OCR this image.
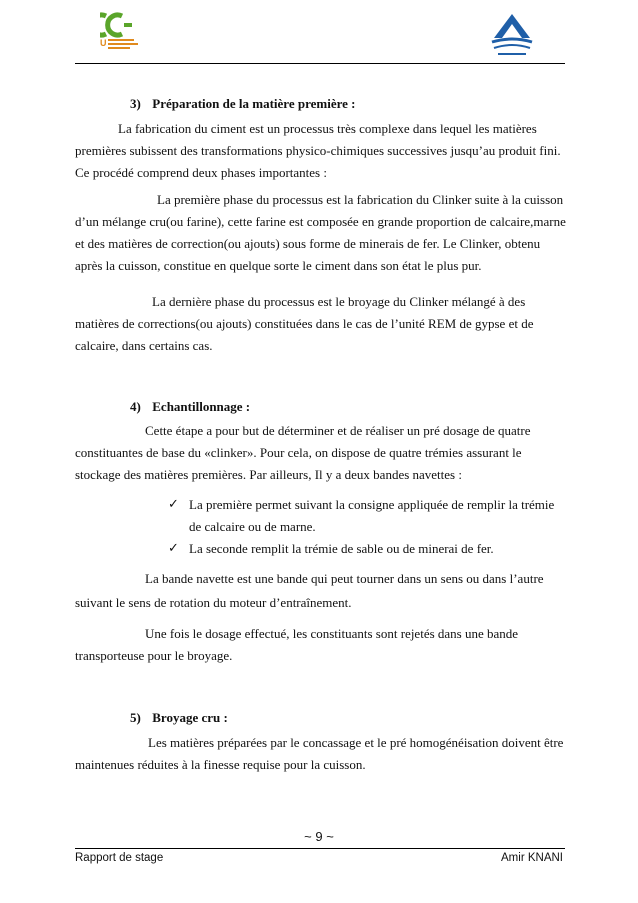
U
3) Préparation de la matière première :
La fabrication du ciment est un processus très complexe dans lequel les matières
premières subissent des transformations physico-chimiques successives jusqu’au produit fini.
Ce procédé comprend deux phases importantes :
La première phase du processus est la fabrication du Clinker suite à la cuisson
d’un mélange cru(ou farine), cette farine est composée en grande proportion de calcaire,marne
et des matières de correction(ou ajouts) sous forme de minerais de fer. Le Clinker, obtenu
après la cuisson, constitue en quelque sorte le ciment dans son état le plus pur.
La dernière phase du processus est le broyage du Clinker mélangé à des
matières de corrections(ou ajouts) constituées dans le cas de l’unité REM de gypse et de
calcaire, dans certains cas.
4) Echantillonnage :
Cette étape a pour but de déterminer et de réaliser un pré dosage de quatre
constituantes de base du «clinker». Pour cela, on dispose de quatre trémies assurant le
stockage des matières premières. Par ailleurs, Il y a deux bandes navettes :
✓ La première permet suivant la consigne appliquée de remplir la trémie
de calcaire ou de marne.
✓ La seconde remplit la trémie de sable ou de minerai de fer.
La bande navette est une bande qui peut tourner dans un sens ou dans l’autre
suivant le sens de rotation du moteur d’entraînement.
Une fois le dosage effectué, les constituants sont rejetés dans une bande
transporteuse pour le broyage.
5) Broyage cru :
Les matières préparées par le concassage et le pré homogénéisation doivent être
maintenues réduites à la finesse requise pour la cuisson.
~ 9 ~
Rapport de stage	Amir KNANI
